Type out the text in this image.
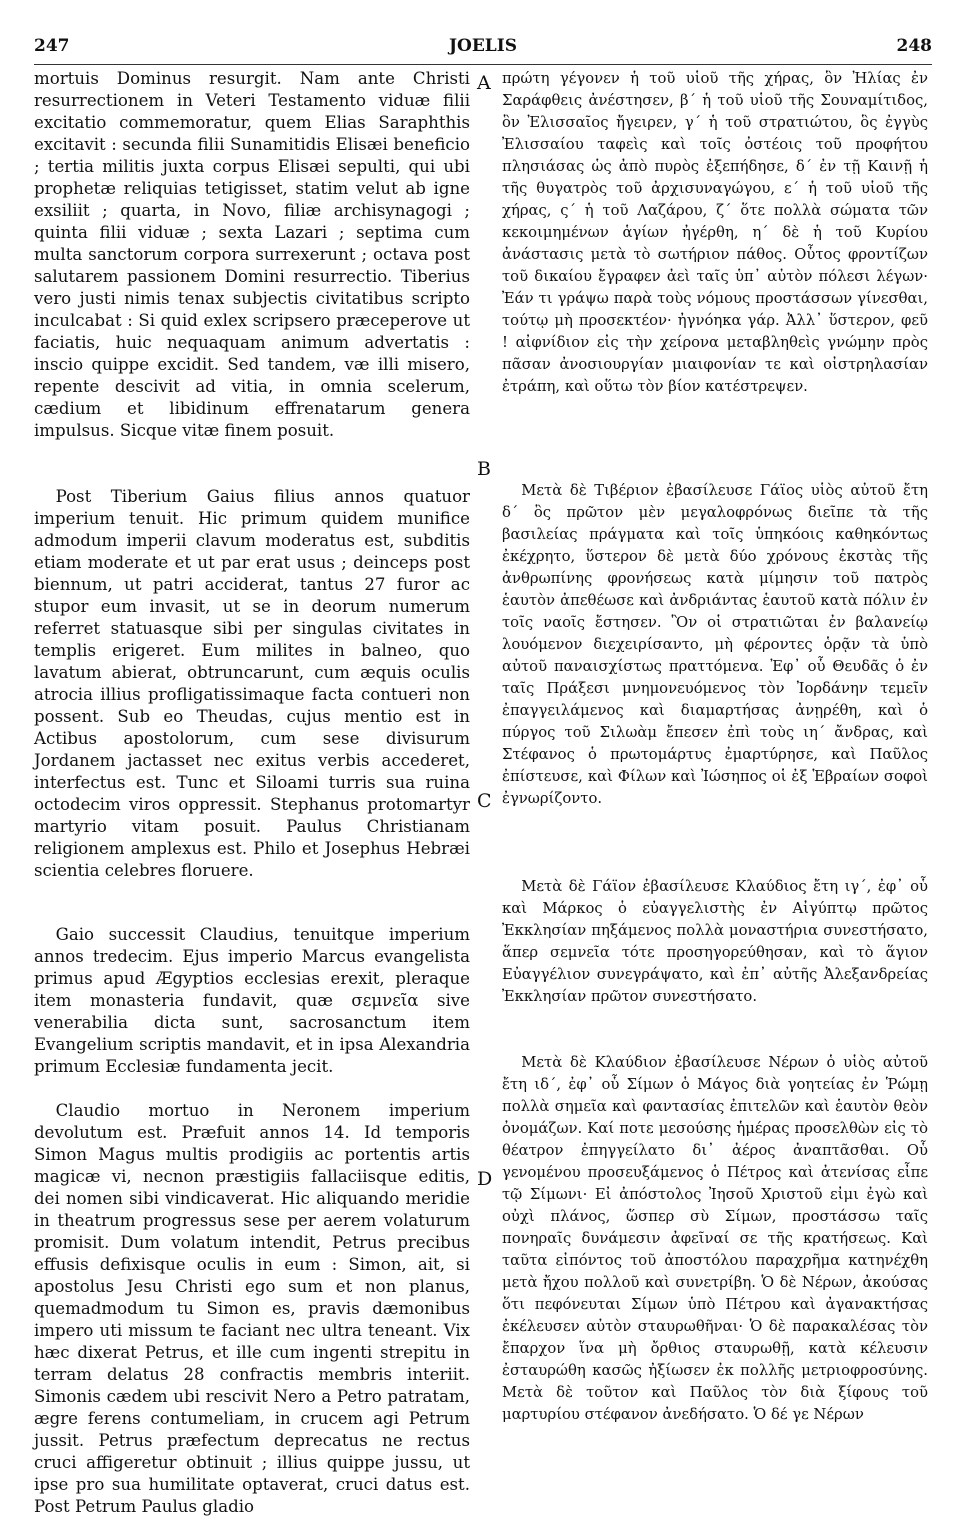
247	JOELIS	248

mortuis Dominus resurgit. Nam ante Christi resurrectionem in Veteri Testamento viduæ filii excitatio commemoratur, quem Elias Saraphthis excitavit : secunda filii Sunamitidis Elisæi beneficio ; tertia militis juxta corpus Elisæi sepulti, qui ubi prophetæ reliquias tetigisset, statim velut ab igne exsiliit ; quarta, in Novo, filiæ archisynagogi ; quinta filii viduæ ; sexta Lazari ; septima cum multa sanctorum corpora surrexerunt ; octava post salutarem passionem Domini resurrectio. Tiberius vero justi nimis tenax subjectis civitatibus scripto inculcabat : Si quid exlex scripsero præceperove ut faciatis, huic nequaquam animum advertatis : inscio quippe excidit. Sed tandem, væ illi misero, repente descivit ad vitia, in omnia scelerum, cædium et libidinum effrenatarum genera impulsus. Sicque vitæ finem posuit.

Post Tiberium Gaius filius annos quatuor imperium tenuit. Hic primum quidem munifice admodum imperii clavum moderatus est, subditis etiam moderate et ut par erat usus ; deinceps post biennum, ut patri acciderat, tantus 27 furor ac stupor eum invasit, ut se in deorum numerum referret statuasque sibi per singulas civitates in templis erigeret. Eum milites in balneo, quo lavatum abierat, obtruncarunt, cum æquis oculis atrocia illius profligatissimaque facta contueri non possent. Sub eo Theudas, cujus mentio est in Actibus apostolorum, cum sese divisurum Jordanem jactasset nec exitus verbis accederet, interfectus est. Tunc et Siloami turris sua ruina octodecim viros oppressit. Stephanus protomartyr martyrio vitam posuit. Paulus Christianam religionem amplexus est. Philo et Josephus Hebræi scientia celebres floruere.

Gaio successit Claudius, tenuitque imperium annos tredecim. Ejus imperio Marcus evangelista primus apud Ægyptios ecclesias erexit, pleraque item monasteria fundavit, quæ σεμνεῖα sive venerabilia dicta sunt, sacrosanctum item Evangelium scriptis mandavit, et in ipsa Alexandria primum Ecclesiæ fundamenta jecit.

Claudio mortuo in Neronem imperium devolutum est. Præfuit annos 14. Id temporis Simon Magus multis prodigiis ac portentis artis magicæ vi, necnon præstigiis fallaciisque editis, dei nomen sibi vindicaverat. Hic aliquando meridie in theatrum progressus sese per aerem volaturum promisit. Dum volatum intendit, Petrus precibus effusis defixisque oculis in eum : Simon, ait, si apostolus Jesu Christi ego sum et non planus, quemadmodum tu Simon es, pravis dæmonibus impero uti missum te faciant nec ultra teneant. Vix hæc dixerat Petrus, et ille cum ingenti strepitu in terram delatus 28 confractis membris interiit. Simonis cædem ubi rescivit Nero a Petro patratam, ægre ferens contumeliam, in crucem agi Petrum jussit. Petrus præfectum deprecatus ne rectus cruci affigeretur obtinuit ; illius quippe jussu, ut ipse pro sua humilitate optaverat, cruci datus est. Post Petrum Paulus gladio

πρώτη γέγονεν ἡ τοῦ υἱοῦ τῆς χήρας, ὃν Ἠλίας ἐν Σαράφθεις ἀνέστησεν, β΄ ἡ τοῦ υἱοῦ τῆς Σουναμίτιδος, ὃν Ἐλισσαῖος ἤγειρεν, γ΄ ἡ τοῦ στρατιώτου, ὃς ἐγγὺς Ἐλισσαίου ταφεὶς καὶ τοῖς ὀστέοις τοῦ προφήτου πλησιάσας ὡς ἀπὸ πυρὸς ἐξεπήδησε, δ΄ ἐν τῇ Καινῇ ἡ τῆς θυγατρὸς τοῦ ἀρχισυναγώγου, ε΄ ἡ τοῦ υἱοῦ τῆς χήρας, ς΄ ἡ τοῦ Λαζάρου, ζ΄ ὅτε πολλὰ σώματα τῶν κεκοιμημένων ἁγίων ἠγέρθη, η΄ δὲ ἡ τοῦ Κυρίου ἀνάστασις μετὰ τὸ σωτήριον πάθος. Οὗτος φροντίζων τοῦ δικαίου ἔγραφεν ἀεὶ ταῖς ὑπ᾽ αὐτὸν πόλεσι λέγων· Ἐάν τι γράψω παρὰ τοὺς νόμους προστάσσων γίνεσθαι, τούτῳ μὴ προσεκτέον· ἠγνόηκα γάρ. Ἀλλ᾽ ὕστερον, φεῦ ! αἰφνίδιον εἰς τὴν χείρονα μεταβληθεὶς γνώμην πρὸς πᾶσαν ἀνοσιουργίαν μιαιφονίαν τε καὶ οἰστρηλασίαν ἐτράπη, καὶ οὕτω τὸν βίον κατέστρεψεν.

Μετὰ δὲ Τιβέριον ἐβασίλευσε Γάϊος υἱὸς αὐτοῦ ἔτη δ΄ ὃς πρῶτον μὲν μεγαλοφρόνως διεῖπε τὰ τῆς βασιλείας πράγματα καὶ τοῖς ὑπηκόοις καθηκόντως ἐκέχρητο, ὕστερον δὲ μετὰ δύο χρόνους ἐκστὰς τῆς ἀνθρωπίνης φρονήσεως κατὰ μίμησιν τοῦ πατρὸς ἑαυτὸν ἀπεθέωσε καὶ ἀνδριάντας ἑαυτοῦ κατὰ πόλιν ἐν τοῖς ναοῖς ἔστησεν. Ὃν οἱ στρατιῶται ἐν βαλανείῳ λουόμενον διεχειρίσαντο, μὴ φέροντες ὁρᾷν τὰ ὑπὸ αὐτοῦ παναισχίστως πραττόμενα. Ἐφ᾽ οὗ Θευδᾶς ὁ ἐν ταῖς Πράξεσι μνημονευόμενος τὸν Ἰορδάνην τεμεῖν ἐπαγγειλάμενος καὶ διαμαρτήσας ἀνῃρέθη, καὶ ὁ πύργος τοῦ Σιλωὰμ ἔπεσεν ἐπὶ τοὺς ιη΄ ἄνδρας, καὶ Στέφανος ὁ πρωτομάρτυς ἐμαρτύρησε, καὶ Παῦλος ἐπίστευσε, καὶ Φίλων καὶ Ἰώσηπος οἱ ἐξ Ἑβραίων σοφοὶ ἐγνωρίζοντο.

Μετὰ δὲ Γάϊον ἐβασίλευσε Κλαύδιος ἔτη ιγ΄, ἐφ᾽ οὗ καὶ Μάρκος ὁ εὐαγγελιστὴς ἐν Αἰγύπτῳ πρῶτος Ἐκκλησίαν πηξάμενος πολλὰ μοναστήρια συνεστήσατο, ἅπερ σεμνεῖα τότε προσηγορεύθησαν, καὶ τὸ ἅγιον Εὐαγγέλιον συνεγράψατο, καὶ ἐπ᾽ αὐτῆς Ἀλεξανδρείας Ἐκκλησίαν πρῶτον συνεστήσατο.

Μετὰ δὲ Κλαύδιον ἐβασίλευσε Νέρων ὁ υἱὸς αὐτοῦ ἔτη ιδ΄, ἐφ᾽ οὗ Σίμων ὁ Μάγος διὰ γοητείας ἐν Ῥώμῃ πολλὰ σημεῖα καὶ φαντασίας ἐπιτελῶν καὶ ἑαυτὸν θεὸν ὀνομάζων. Καί ποτε μεσούσης ἡμέρας προσελθὼν εἰς τὸ θέατρον ἐπηγγείλατο δι᾽ ἀέρος ἀναπτᾶσθαι. Οὗ γενομένου προσευξάμενος ὁ Πέτρος καὶ ἀτενίσας εἶπε τῷ Σίμωνι· Εἰ ἀπόστολος Ἰησοῦ Χριστοῦ εἰμι ἐγὼ καὶ οὐχὶ πλάνος, ὥσπερ σὺ Σίμων, προστάσσω ταῖς πονηραῖς δυνάμεσιν ἀφεῖναί σε τῆς κρατήσεως. Καὶ ταῦτα εἰπόντος τοῦ ἀποστόλου παραχρῆμα κατηνέχθη μετὰ ἤχου πολλοῦ καὶ συνετρίβη. Ὁ δὲ Νέρων, ἀκούσας ὅτι πεφόνευται Σίμων ὑπὸ Πέτρου καὶ ἀγανακτήσας ἐκέλευσεν αὐτὸν σταυρωθῆναι· Ὁ δὲ παρακαλέσας τὸν ἔπαρχον ἵνα μὴ ὄρθιος σταυρωθῇ, κατὰ κέλευσιν ἐσταυρώθη κασῶς ἠξίωσεν ἐκ πολλῆς μετριοφροσύνης. Μετὰ δὲ τοῦτον καὶ Παῦλος τὸν διὰ ξίφους τοῦ μαρτυρίου στέφανον ἀνεδήσατο. Ὁ δέ γε Νέρων

A
B
C
D
